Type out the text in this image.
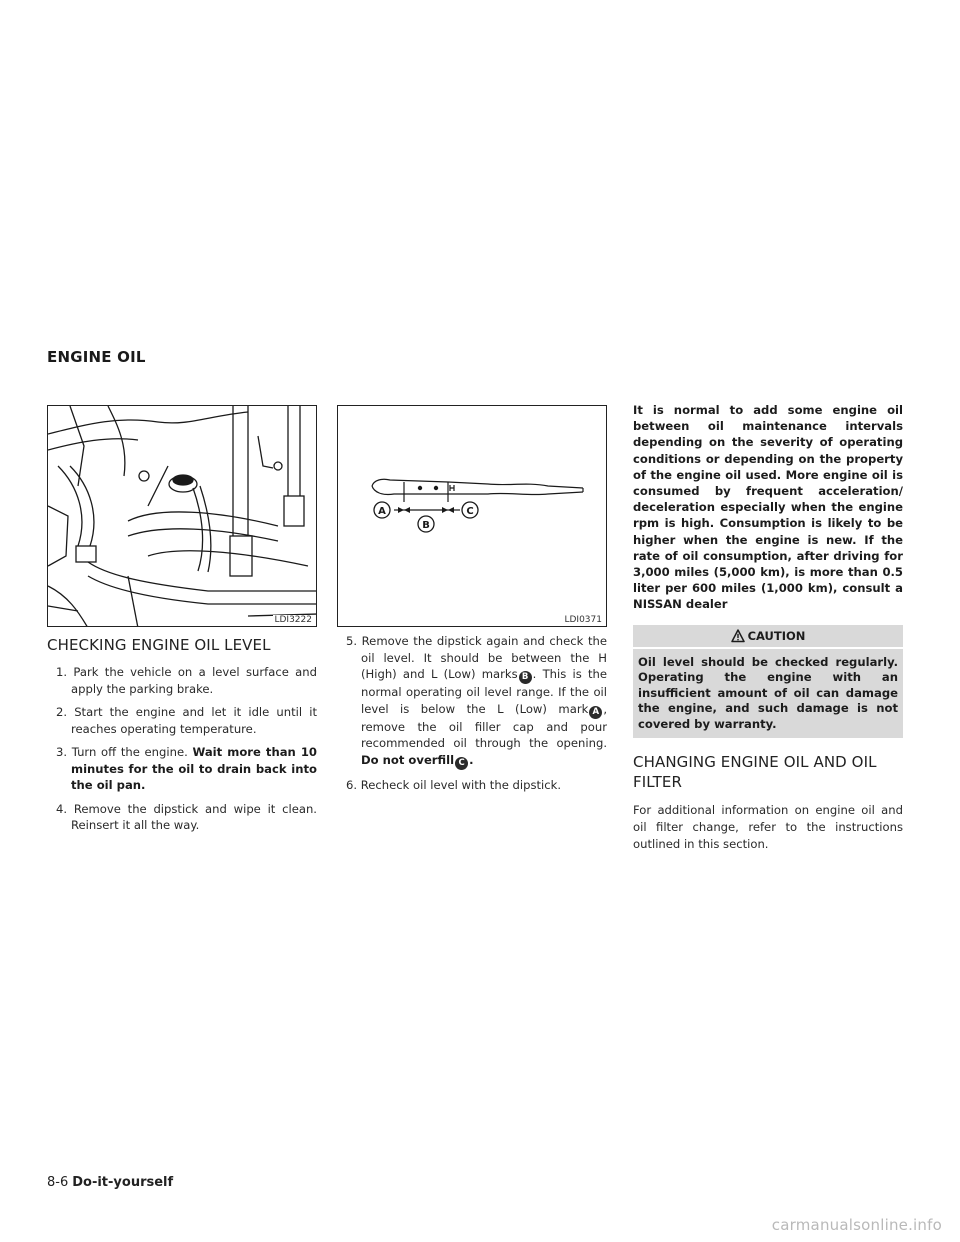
ENGINE OIL
LDI3222
CHECKING ENGINE OIL LEVEL
1. Park the vehicle on a level surface and apply the parking brake.
2. Start the engine and let it idle until it reaches operating temperature.
3. Turn off the engine. Wait more than 10 minutes for the oil to drain back into the oil pan.
4. Remove the dipstick and wipe it clean. Reinsert it all the way.
A
B
C
LDI0371
5. Remove the dipstick again and check the oil level. It should be between the H (High) and L (Low) marks B . This is the normal operating oil level range. If the oil level is below the L (Low) mark A , remove the oil filler cap and pour recommended oil through the opening. Do not overfill C .
6. Recheck oil level with the dipstick.

It is normal to add some engine oil between oil maintenance intervals depending on the severity of operating conditions or depending on the property of the engine oil used. More engine oil is consumed by frequent acceleration/ deceleration especially when the engine rpm is high. Consumption is likely to be higher when the engine is new. If the rate of oil consumption, after driving for 3,000 miles (5,000 km), is more than 0.5 liter per 600 miles (1,000 km), consult a NISSAN dealer

CAUTION
Oil level should be checked regularly. Operating the engine with an insufficient amount of oil can damage the engine, and such damage is not covered by warranty.
CHANGING ENGINE OIL AND OIL FILTER

For additional information on engine oil and oil filter change, refer to the instructions outlined in this section.

8-6 Do-it-yourself
carmanualsonline.info
